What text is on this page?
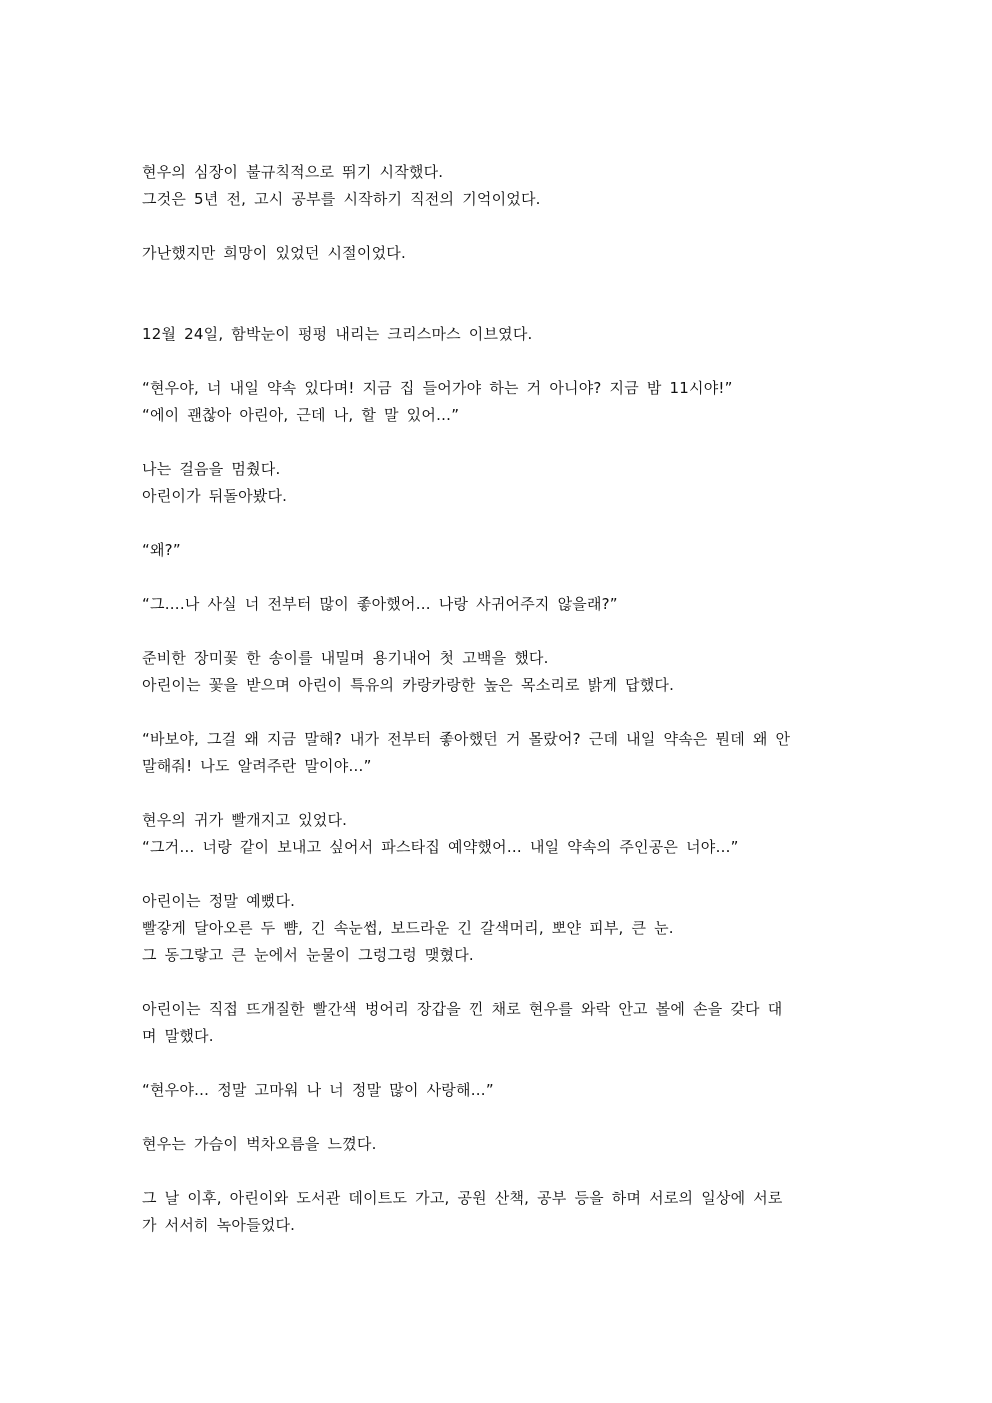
현우의 심장이 불규칙적으로 뛰기 시작했다.
그것은 5년 전, 고시 공부를 시작하기 직전의 기억이었다.
가난했지만 희망이 있었던 시절이었다.
12월 24일, 함박눈이 펑펑 내리는 크리스마스 이브였다.
“현우야, 너 내일 약속 있다며! 지금 집 들어가야 하는 거 아니야? 지금 밤 11시야!”
“에이 괜찮아 아린아, 근데 나, 할 말 있어…”
나는 걸음을 멈췄다.
아린이가 뒤돌아봤다.
“왜?”
“그….나 사실 너 전부터 많이 좋아했어… 나랑 사귀어주지 않을래?”
준비한 장미꽃 한 송이를 내밀며 용기내어 첫 고백을 했다.
아린이는 꽃을 받으며 아린이 특유의 카랑카랑한 높은 목소리로 밝게 답했다.
“바보야, 그걸 왜 지금 말해? 내가 전부터 좋아했던 거 몰랐어? 근데 내일 약속은 뭔데 왜 안
말해줘! 나도 알려주란 말이야…”
현우의 귀가 빨개지고 있었다.
“그거… 너랑 같이 보내고 싶어서 파스타집 예약했어… 내일 약속의 주인공은 너야…”
아린이는 정말 예뻤다.
빨갛게 달아오른 두 뺨, 긴 속눈썹, 보드라운 긴 갈색머리, 뽀얀 피부, 큰 눈.
그 동그랗고 큰 눈에서 눈물이 그렁그렁 맺혔다.
아린이는 직접 뜨개질한 빨간색 벙어리 장갑을 낀 채로 현우를 와락 안고 볼에 손을 갖다 대
며 말했다.
“현우야… 정말 고마워 나 너 정말 많이 사랑해…”
현우는 가슴이 벅차오름을 느꼈다.
그 날 이후, 아린이와 도서관 데이트도 가고, 공원 산책, 공부 등을 하며 서로의 일상에 서로
가 서서히 녹아들었다.
